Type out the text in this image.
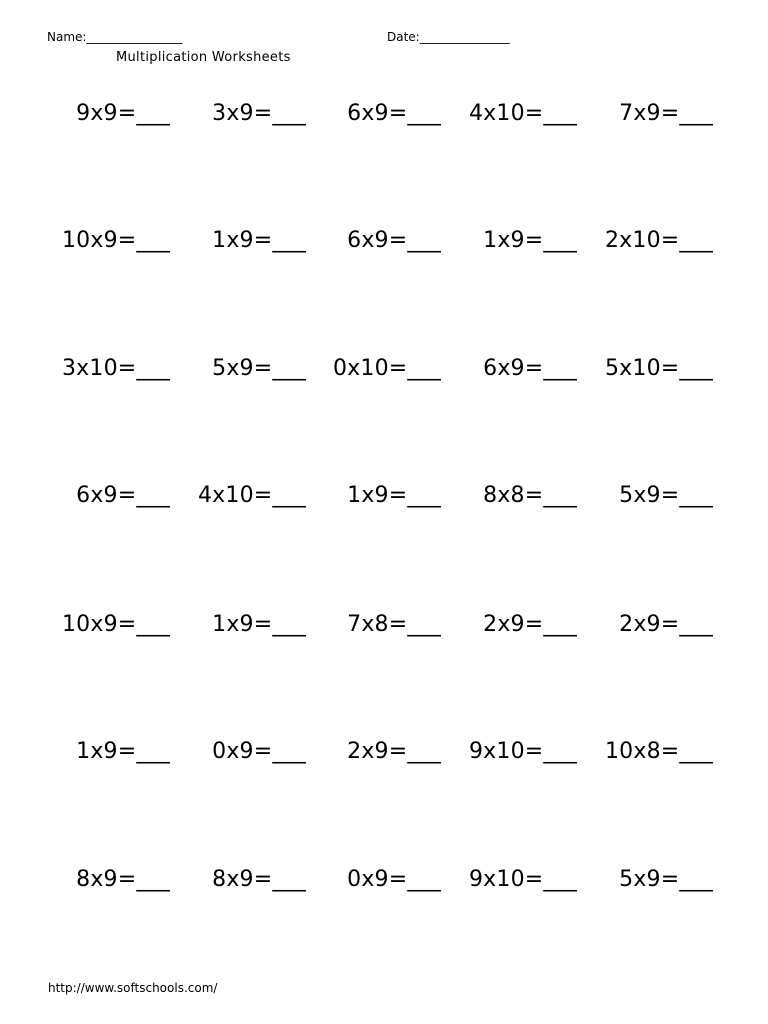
Name:________________	Date:_______________
Multiplication Worksheets
9x9=___	3x9=___	6x9=___	4x10=___	7x9=___
10x9=___	1x9=___	6x9=___	1x9=___	2x10=___
3x10=___	5x9=___	0x10=___	6x9=___	5x10=___
6x9=___	4x10=___	1x9=___	8x8=___	5x9=___
10x9=___	1x9=___	7x8=___	2x9=___	2x9=___
1x9=___	0x9=___	2x9=___	9x10=___	10x8=___
8x9=___	8x9=___	0x9=___	9x10=___	5x9=___
http://www.softschools.com/
